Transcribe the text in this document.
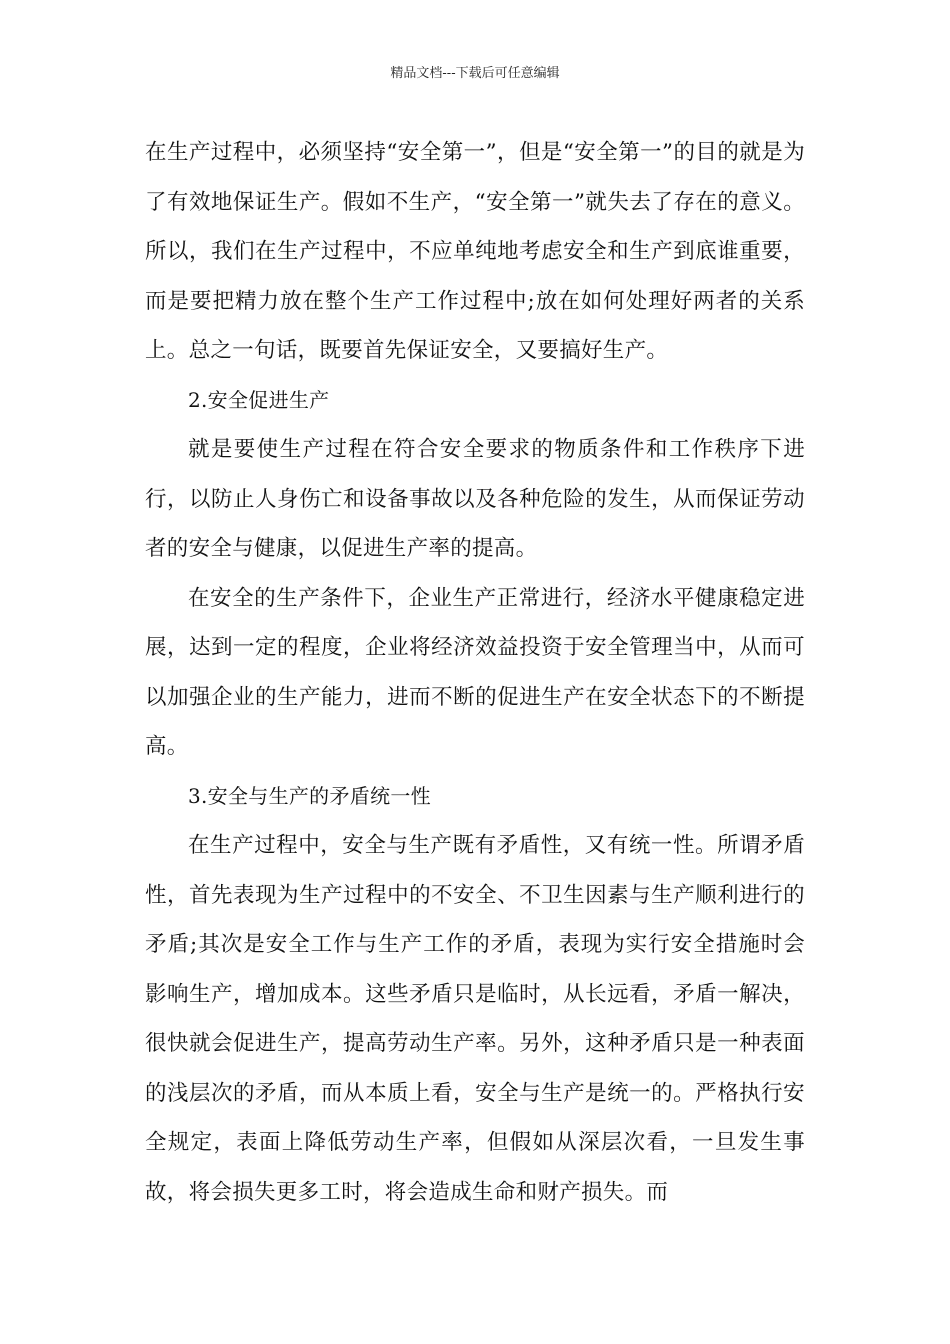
精品文档---下载后可任意编辑

在生产过程中，必须坚持“安全第一”，但是“安全第一”的目的就是为了有效地保证生产。假如不生产，“安全第一”就失去了存在的意义。所以，我们在生产过程中，不应单纯地考虑安全和生产到底谁重要，而是要把精力放在整个生产工作过程中;放在如何处理好两者的关系上。总之一句话，既要首先保证安全，又要搞好生产。

2.安全促进生产

就是要使生产过程在符合安全要求的物质条件和工作秩序下进行，以防止人身伤亡和设备事故以及各种危险的发生，从而保证劳动者的安全与健康，以促进生产率的提高。

在安全的生产条件下，企业生产正常进行，经济水平健康稳定进展，达到一定的程度，企业将经济效益投资于安全管理当中，从而可以加强企业的生产能力，进而不断的促进生产在安全状态下的不断提高。

3.安全与生产的矛盾统一性

在生产过程中，安全与生产既有矛盾性，又有统一性。所谓矛盾性，首先表现为生产过程中的不安全、不卫生因素与生产顺利进行的矛盾;其次是安全工作与生产工作的矛盾，表现为实行安全措施时会影响生产，增加成本。这些矛盾只是临时，从长远看，矛盾一解决，很快就会促进生产，提高劳动生产率。另外，这种矛盾只是一种表面的浅层次的矛盾，而从本质上看，安全与生产是统一的。严格执行安全规定，表面上降低劳动生产率，但假如从深层次看，一旦发生事故，将会损失更多工时，将会造成生命和财产损失。而
